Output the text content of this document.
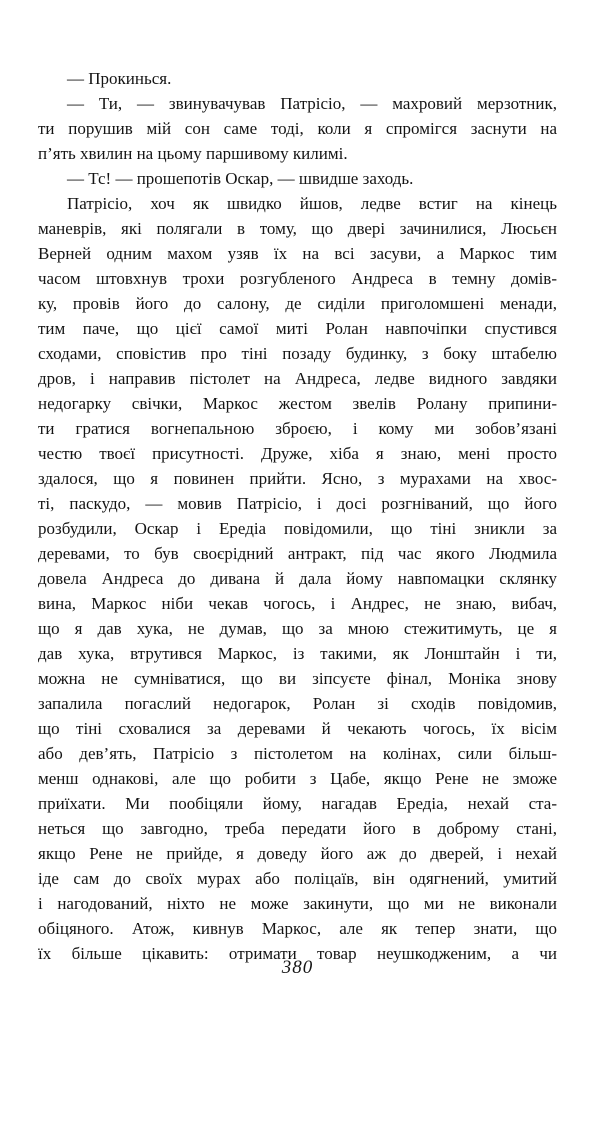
— Прокинься.
— Ти, — звинувачував Патрісіо, — махровий мерзотник,
ти порушив мій сон саме тоді, коли я спромігся заснути на
п’ять хвилин на цьому паршивому килимі.
— Тс! — прошепотів Оскар, — швидше заходь.
Патрісіо, хоч як швидко йшов, ледве встиг на кінець
маневрів, які полягали в тому, що двері зачинилися, Люсьєн
Верней одним махом узяв їх на всі засуви, а Маркос тим
часом штовхнув трохи розгубленого Андреса в темну домів-
ку, провів його до салону, де сиділи приголомшені менади,
тим паче, що цієї самої миті Ролан навпочіпки спустився
сходами, сповістив про тіні позаду будинку, з боку штабелю
дров, і направив пістолет на Андреса, ледве видного завдяки
недогарку свічки, Маркос жестом звелів Ролану припини-
ти гратися вогнепальною зброєю, і кому ми зобов’язані
честю твоєї присутності. Друже, хіба я знаю, мені просто
здалося, що я повинен прийти. Ясно, з мурахами на хвос-
ті, паскудо, — мовив Патрісіо, і досі розгніваний, що його
розбудили, Оскар і Ередіа повідомили, що тіні зникли за
деревами, то був своєрідний антракт, під час якого Людмила
довела Андреса до дивана й дала йому навпомацки склянку
вина, Маркос ніби чекав чогось, і Андрес, не знаю, вибач,
що я дав хука, не думав, що за мною стежитимуть, це я
дав хука, втрутився Маркос, із такими, як Лонштайн і ти,
можна не сумніватися, що ви зіпсуєте фінал, Моніка знову
запалила погаслий недогарок, Ролан зі сходів повідомив,
що тіні сховалися за деревами й чекають чогось, їх вісім
або дев’ять, Патрісіо з пістолетом на колінах, сили більш-
менш однакові, але що робити з Цабе, якщо Рене не зможе
приїхати. Ми пообіцяли йому, нагадав Ередіа, нехай ста-
неться що завгодно, треба передати його в доброму стані,
якщо Рене не прийде, я доведу його аж до дверей, і нехай
іде сам до своїх мурах або поліцаїв, він одягнений, умитий
і нагодований, ніхто не може закинути, що ми не виконали
обіцяного. Атож, кивнув Маркос, але як тепер знати, що
їх більше цікавить: отримати товар неушкодженим, а чи
380
